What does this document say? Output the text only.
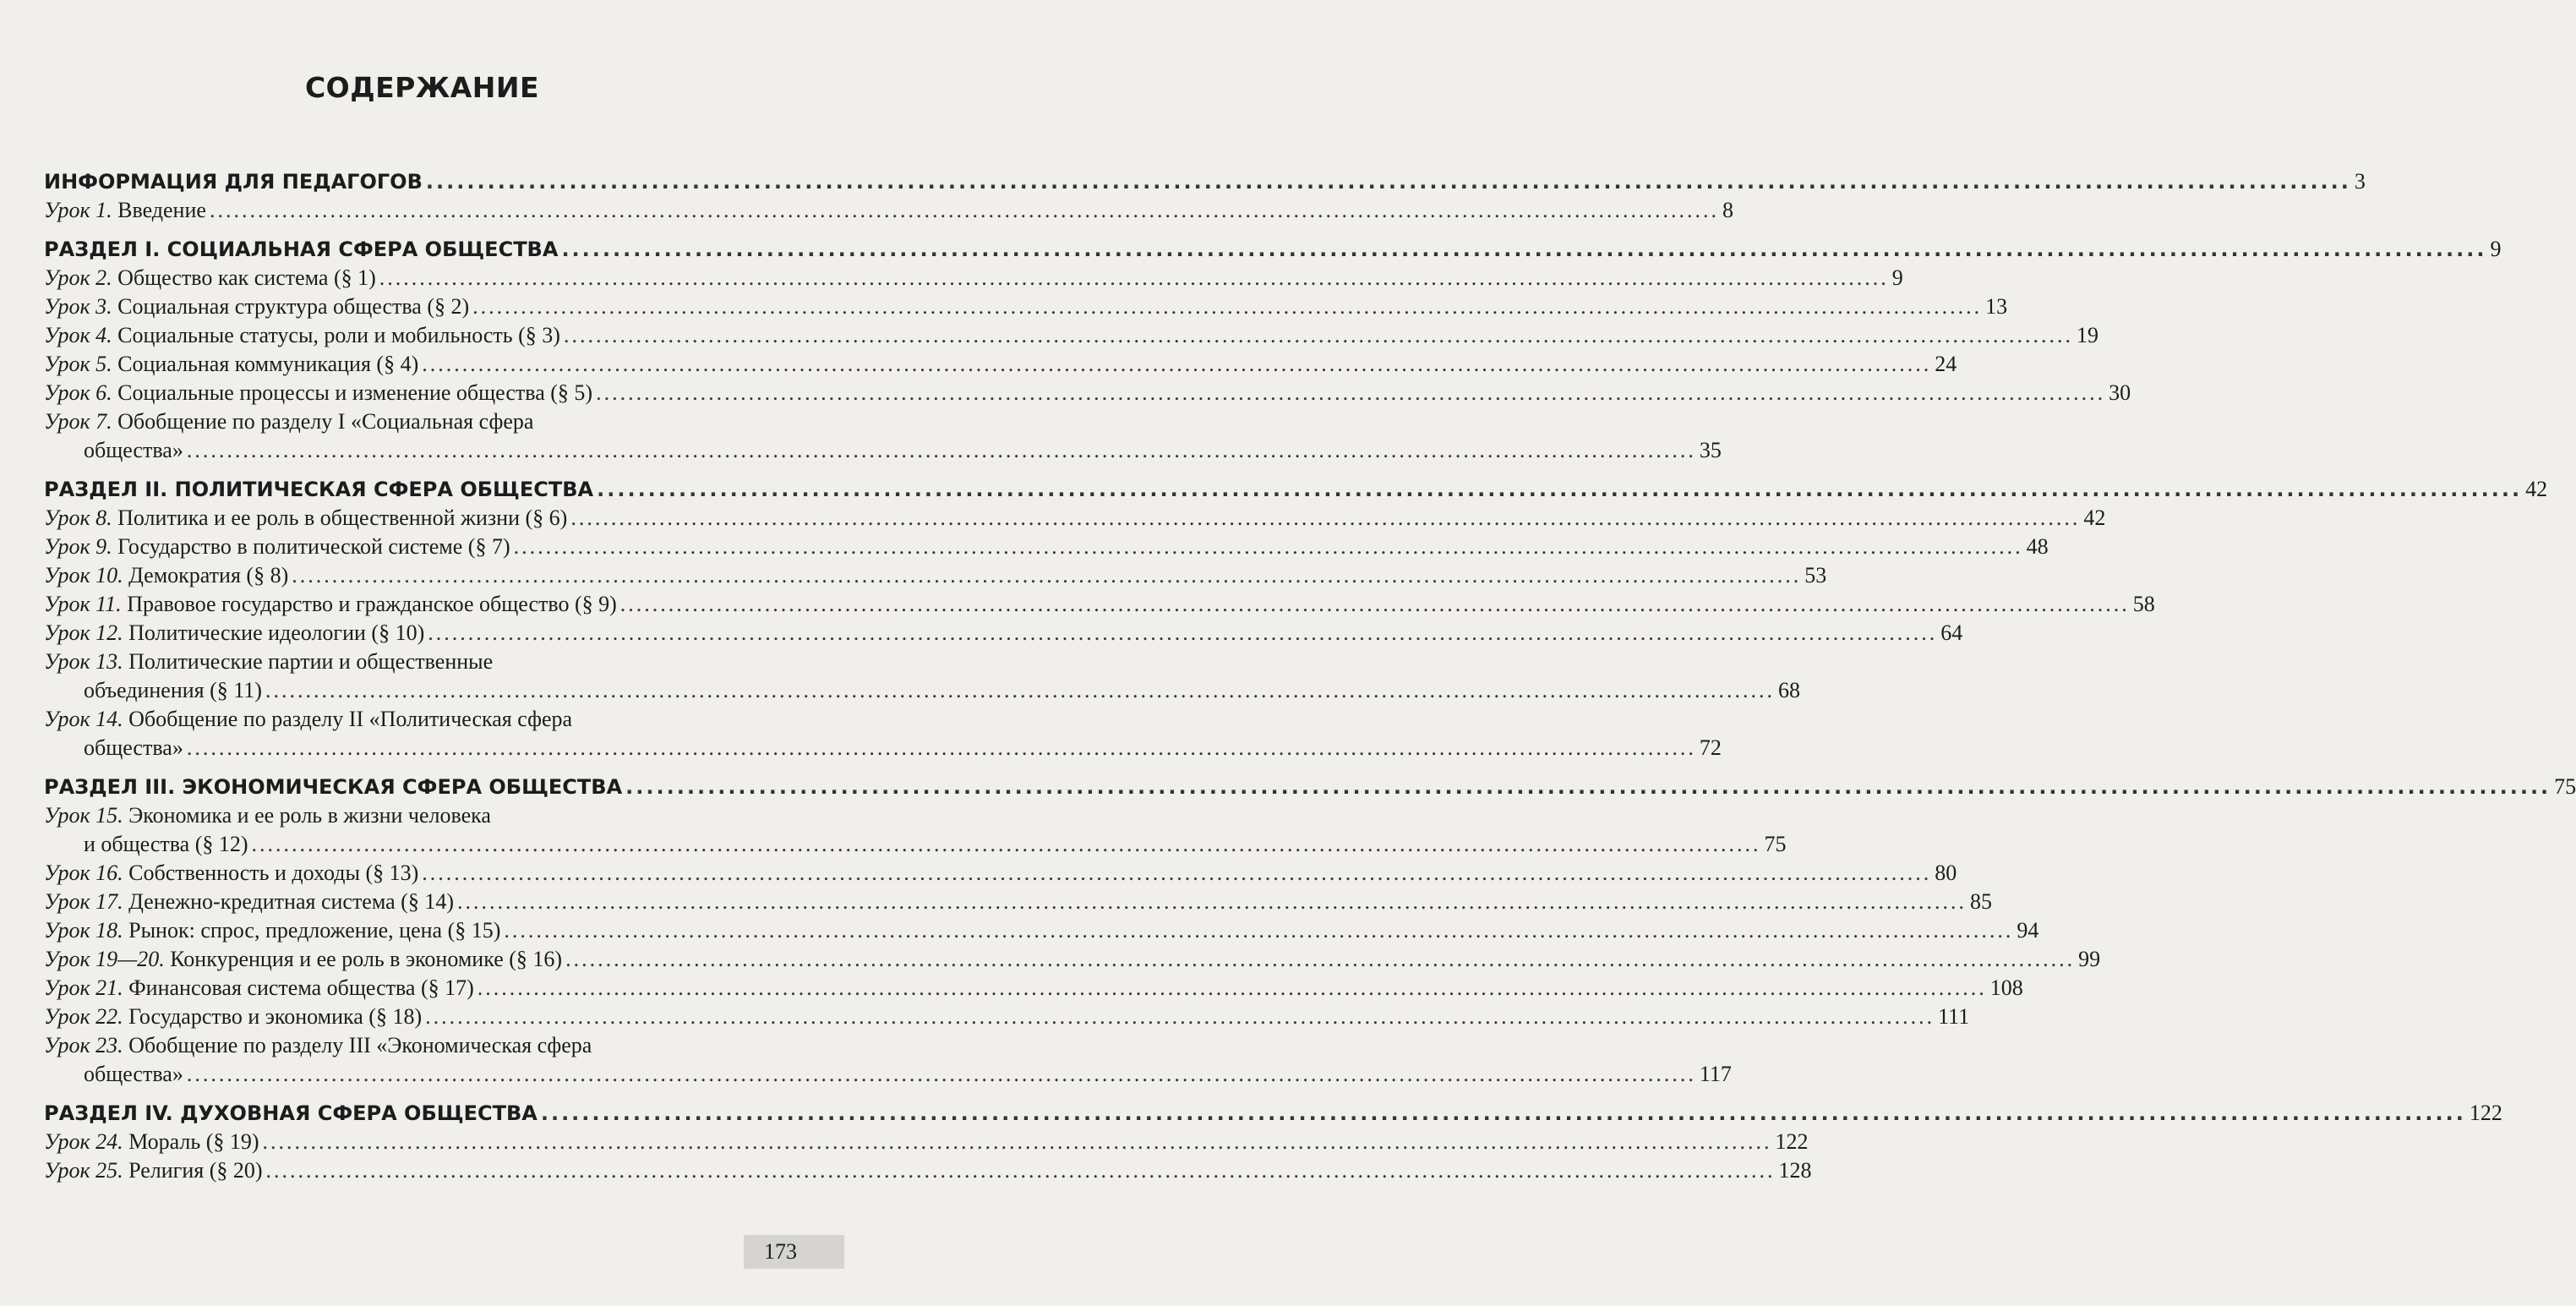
СОДЕРЖАНИЕ
ИНФОРМАЦИЯ ДЛЯ ПЕДАГОГОВ ............................................................................................................................................................................................ 3
Урок 1. Введение ............................................................................................................................................................................................ 8
РАЗДЕЛ I. СОЦИАЛЬНАЯ СФЕРА ОБЩЕСТВА ............................................................................................................................................................................................ 9
Урок 2. Общество как система (§ 1) ............................................................................................................................................................................................ 9
Урок 3. Социальная структура общества (§ 2) ............................................................................................................................................................................................ 13
Урок 4. Социальные статусы, роли и мобильность (§ 3) ............................................................................................................................................................................................ 19
Урок 5. Социальная коммуникация (§ 4) ............................................................................................................................................................................................ 24
Урок 6. Социальные процессы и изменение общества (§ 5) ............................................................................................................................................................................................ 30
Урок 7. Обобщение по разделу I «Социальная сфера
общества» ............................................................................................................................................................................................ 35
РАЗДЕЛ II. ПОЛИТИЧЕСКАЯ СФЕРА ОБЩЕСТВА ............................................................................................................................................................................................ 42
Урок 8. Политика и ее роль в общественной жизни (§ 6) ............................................................................................................................................................................................ 42
Урок 9. Государство в политической системе (§ 7) ............................................................................................................................................................................................ 48
Урок 10. Демократия (§ 8) ............................................................................................................................................................................................ 53
Урок 11. Правовое государство и гражданское общество (§ 9) ............................................................................................................................................................................................ 58
Урок 12. Политические идеологии (§ 10) ............................................................................................................................................................................................ 64
Урок 13. Политические партии и общественные
объединения (§ 11) ............................................................................................................................................................................................ 68
Урок 14. Обобщение по разделу II «Политическая сфера
общества» ............................................................................................................................................................................................ 72
РАЗДЕЛ III. ЭКОНОМИЧЕСКАЯ СФЕРА ОБЩЕСТВА ............................................................................................................................................................................................ 75
Урок 15. Экономика и ее роль в жизни человека
и общества (§ 12) ............................................................................................................................................................................................ 75
Урок 16. Собственность и доходы (§ 13) ............................................................................................................................................................................................ 80
Урок 17. Денежно-кредитная система (§ 14) ............................................................................................................................................................................................ 85
Урок 18. Рынок: спрос, предложение, цена (§ 15) ............................................................................................................................................................................................ 94
Урок 19—20. Конкуренция и ее роль в экономике (§ 16) ............................................................................................................................................................................................ 99
Урок 21. Финансовая система общества (§ 17) ............................................................................................................................................................................................ 108
Урок 22. Государство и экономика (§ 18) ............................................................................................................................................................................................ 111
Урок 23. Обобщение по разделу III «Экономическая сфера
общества» ............................................................................................................................................................................................ 117
РАЗДЕЛ IV. ДУХОВНАЯ СФЕРА ОБЩЕСТВА ............................................................................................................................................................................................ 122
Урок 24. Мораль (§ 19) ............................................................................................................................................................................................ 122
Урок 25. Религия (§ 20) ............................................................................................................................................................................................ 128
173
